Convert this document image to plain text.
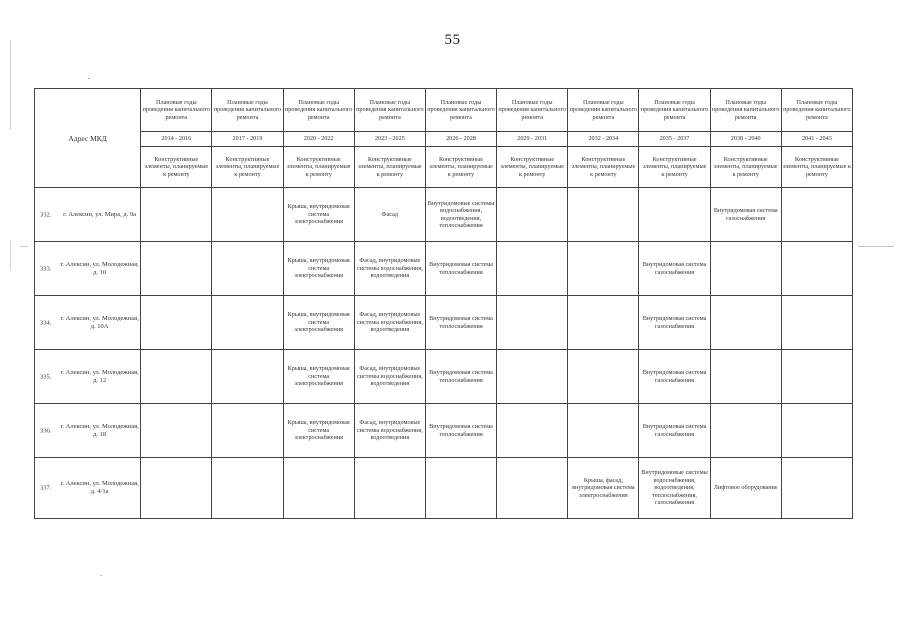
55
Адрес МКД	Плановые годы проведения капитального ремонта	Плановые годы проведения капитального ремонта	Плановые годы проведения капитального ремонта	Плановые годы проведения капитального ремонта	Плановые годы проведения капитального ремонта	Плановые годы проведения капитального ремонта	Плановые годы проведения капитального ремонта	Плановые годы проведения капитального ремонта	Плановые годы проведения капитального ремонта	Плановые годы проведения капитального ремонта
	2014 - 2016	2017 - 2019	2020 - 2022	2023 - 2025	2026 - 2028	2029 - 2031	2032 - 2034	2035 - 2037	2038 - 2040	2041 - 2043
	Конструктивные элементы, планируемые к ремонту	Конструктивные элементы, планируемые к ремонту	Конструктивные элементы, планируемые к ремонту	Конструктивные элементы, планируемые к ремонту	Конструктивные элементы, планируемые к ремонту	Конструктивные элементы, планируемые к ремонту	Конструктивные элементы, планируемые к ремонту	Конструктивные элементы, планируемые к ремонту	Конструктивные элементы, планируемые к ремонту	Конструктивные элементы, планируемые к ремонту

332. г. Алексин, ул. Мира, д. 9а			Крыша, внутридомовая система электроснабжения	Фасад	Внутридомовые системы водоснабжения, водоотведения, теплоснабжения				Внутридомовая система газоснабжения	

333.
г. Алексин, ул. Молодежная, д. 10			Крыша, внутридомовая система электроснабжения	Фасад, внутридомовые системы водоснабжения, водоотведения	Внутридомовая система теплоснабжения			Внутридомовая система газоснабжения		

334.
г. Алексин, ул. Молодежная, д. 10А			Крыша, внутридомовая система электроснабжения	Фасад, внутридомовые системы водоснабжения, водоотведения	Внутридомовая система теплоснабжения			Внутридомовая система газоснабжения		

335.
г. Алексин, ул. Молодежная, д. 12			Крыша, внутридомовая система электроснабжения	Фасад, внутридомовые системы водоснабжения, водоотведения	Внутридомовая система теплоснабжения			Внутридомовая система газоснабжения		

336.
г. Алексин, ул. Молодежная, д. 18			Крыша, внутридомовая система электроснабжения	Фасад, внутридомовые системы водоснабжения, водоотведения	Внутридомовая система теплоснабжения			Внутридомовая система газоснабжения		

337.
г. Алексин, ул. Молодежная, д. 4/1а							Крыша, фасад, внутридомовая система электроснабжения	Внутридомовые системы водоснабжения, водоотведения, теплоснабжения, газоснабжения	Лифтовое оборудование	
